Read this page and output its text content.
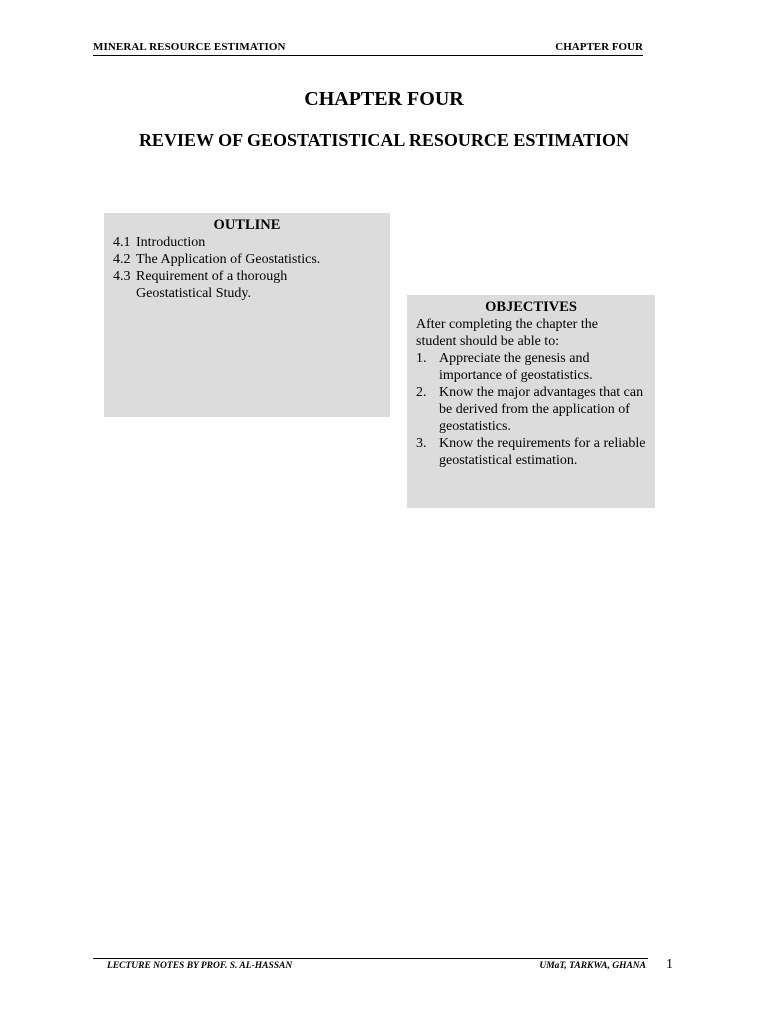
MINERAL RESOURCE ESTIMATION	CHAPTER FOUR
CHAPTER FOUR
REVIEW OF GEOSTATISTICAL RESOURCE ESTIMATION
OUTLINE
4.1 Introduction
4.2 The Application of Geostatistics.
4.3 Requirement of a thorough Geostatistical Study.
OBJECTIVES
After completing the chapter the student should be able to:
1. Appreciate the genesis and importance of geostatistics.
2. Know the major advantages that can be derived from the application of geostatistics.
3. Know the requirements for a reliable geostatistical estimation.
LECTURE NOTES BY PROF. S. AL-HASSAN	UMaT, TARKWA, GHANA 1
